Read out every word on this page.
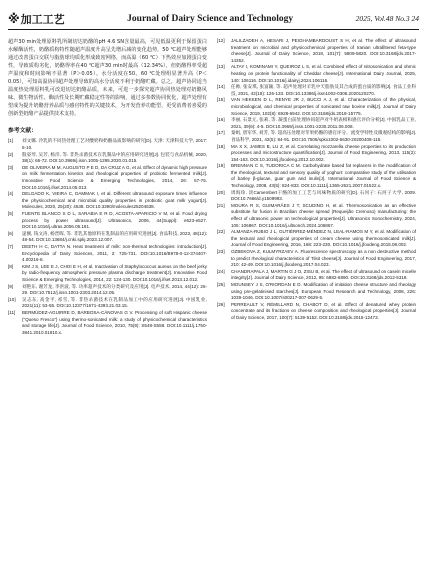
※ 加工工艺	Journal of Dairy Science and Technology	2025, Vol.48 No.3 24

超声30 min处理原料乳所制切达奶酪的pH 4.6 SN含量最高，可见低温更利于保留蛋白水解酶活性，奶酪质构特性随超声温度升高呈先增后减的变化趋势，50 ℃超声处理能够通过改善蛋白交联与脂肪球均质化形成致密网络，而高温（60 ℃）下热效应加剧蛋白变性，导致质构劣化，奶酪得率在40 ℃超声30 min时最高（12.34%），但奶酪得率受超声温度和时间影响不显著（P＞0.05）。水分活度在50、60 ℃处理组显著升高（P＜0.05），可知高温协同超声处理导致的高水分活度不利于奶酪贮藏。总之，超声协同适当温度热处理原料乳可改进切达奶酪品质，未来，可进一步探究超声协同热处理对奶酪风味、微生物活性、酶活性及长期贮藏稳定性等的影响，通过多参数协同优化，超声处理有望成为提升奶酪营养品质与感官特性的关键技术，为开发营养功能型、更受消费者喜爱的创新型奶酪产品提供技术支持。

参考文献：
[1]	刘文娜. 冷乳的不同热处理工艺对酸奶和奶酪品质影响的研究[D]. 天津: 天津科技大学, 2017: 5-10.
[2]	殷姿琴, 吴芳, 杨洋, 等. 非热杀菌技术在乳制品中的应用研究进展[J]. 包装与食品机械, 2020, 38(1): 66-72. DOI:10.3969/j.issn.1005-1295.2020.01.015.
[3]	DE OLIVEIRA M M, AUGUSTO P E D, DA CRUZ A G, et al. Effect of dynamic high pressure on milk fermentation kinetics and rheological properties of probiotic fermented milk[J]. Innovative Food Science & Emerging Technologies, 2014, 26: 67-75. DOI:10.1016/j.ifset.2014.05.013.
[4]	DELGADO K, VIEIRA C, DAMMAK I, et al. Different ultrasound exposure times influence the physicochemical and microbial quality properties in probiotic goat milk yogurt[J]. Molecules, 2020, 25(20): 4638. DOI:10.3390/molecules25204638.
[5]	FUENTE BLANCO S D L, SARABIA E R D, ACOSTA-APARICIO V M, et al. Food drying process by power ultrasound[J]. Ultrasonics, 2006, 44(Suppl): e523-e527. DOI:10.1016/j.ultras.2006.05.181.
[6]	逯刚, 钱文涛, 杨晋晖, 等. 非乳其他原料在乳制品的应用研究进展[J]. 食品科技, 2023, 48(12): 48-54. DOI:10.13684/j.cnki.spkj.2023.12.007.
[7]	DEETH H C, DATTA N. Heat treatment of milk: non-thermal technologies: introduction[J]. Encyclopedia of Dairy Sciences, 2011, 2: 725-731. DOI:10.1016/B978-0-12-374407-4.00216-8.
[8]	KIM J S, LEE E J, CHOI E H, et al. Inactivation of Staphylococcus aureus on the beef jerky by radio-frequency atmospheric pressure plasma discharge treatment[J]. Innovative Food Science & Emerging Technologies, 2014, 22: 124-130. DOI:10.1016/j.ifset.2013.12.012.
[9]	刘艳东, 谢芳龙, 李洪波, 等. 功率超声技术的分类研究及应用[J]. 电声技术, 2014, 44(12): 25-29. DOI:10.7512/j.issn.1001-2303.2014.12.05.
[10]	吴志东, 高金平, 祁雪, 等. 非热杀菌技术在乳制品加工中的应用研究进展[J]. 中国乳业, 2021(11): 53-55. DOI:10.12377/1671-4393.21.03.15.
[11]	BERMÚDEZ-AGUIRRE D, BARBOSA-CÁNOVAS G V. Processing of soft Hispanic cheese ("Queso Fresco") using thermo-sonicated milk: a study of physicochemical characteristics and storage life[J]. Journal of Food Science, 2010, 75(9): S548-S558. DOI:10.1111/j.1750-3841.2010.01810.x.
[12]	JALILZADEH A, HESARI J, PEIGHAMBARDOUST S H, et al. The effect of ultrasound treatment on microbial and physicochemical properties of Iranian ultrafiltered feta-type cheese[J]. Journal of Dairy Science, 2018, 101(7): 5809-5820. DOI:10.3168/jds.2017-14352.
[13]	ALTAY I, KOMINAMI Y, QUEIROZ L S, et al. Combined effect of nitrosonication and ohmic heating on protein functionality of Cheddar cheese[J]. International Dairy Journal, 2025, 140: 106116. DOI:10.1016/j.idairyj.2024.106116.
[14]	任帅, 张安琪, 张富颖, 等. 超声处理对羊乳中天脂肪及其合成的蛋白质的影响[J]. 食品工业科技, 2021, 42(18): 126-133. DOI:10.13386/j.issn1002-0306.2020120270.
[15]	VAN HEKKEN D L, RENYE JR J, BUCCI A J, et al. Characterization of the physical, microbiological, and chemical properties of sonicated raw bovine milk[J]. Journal of Dairy Science, 2019, 102(8): 6928-6942. DOI:10.3168/jds.2018-15775.
[16]	李丽, 石景元, 张莉, 等. 凝蛋白前处理协同超声对牛奶表相和感官评价分析[J]. 中国乳品工业, 2021, 39(6): 4-5. DOI:10.3969/j.issn.1001-2230.2011.06.008.
[17]	秦娟, 唐军华, 刘芳, 等. 超高压处理对苹果奶酪的感官评分、流变学特性及微观结构的影响[J]. 食品科学, 2021, 42(5): 84-91. DOI:10.7506/spkx1002-6630-20200408-115.
[18]	MA X X, JAMES B, LU Z, et al. Correlating mozzarella cheese properties to its production processes and microstructure quantification[J]. Journal of Food Engineering, 2013, 115(2): 154-163. DOI:10.1016/j.jfoodeng.2012.10.002.
[19]	BRENNAN C S, TUDORICA C M. Carbohydrate based fat replacers in the modification of the rheological, textural and sensory quality of yoghurt: comparative study of the utilisation of barley β-glucan, guar gum and inulin[J]. International Journal of Food Science & Technology, 2008, 43(5): 824-833. DOI:10.1111/j.1365-2621.2007.01522.x.
[20]	周海珍. 淡Camembert干酪的加工工艺与风味物质的研究[D]. 石河子: 石河子大学, 2009. DOI:10.7666/d.y1509993.
[21]	MOURA R S, GUIMARÃES J T, SCUDINO H, et al. Thermosonication as an effective substitute for fusion in Brazilian cheese spread (Requeijão Cremoso) manufacturing: the effect of ultrasonic power on technological properties[J]. Ultrasonics Sonochemistry, 2024, 105: 106867. DOI:10.1016/j.ultsonch.2024.106867.
[22]	ALMANZA-RUBIO J L, GUTIÉRREZ-MÉNDEZ N, LEAL-RAMOS M Y, et al. Modification of the textural and rheological properties of cream cheese using thermosonicated milk[J]. Journal of Food Engineering, 2016, 168: 223-230. DOI:10.1016/j.jfoodeng.2015.08.002.
[23]	OZBEKOVA Z, KULMYRZAEV A. Fluorescence spectroscopy as a non destructive method to predict rheological characteristics of Tilsit cheese[J]. Journal of Food Engineering, 2017, 210: 42-49. DOI:10.1016/j.jfoodeng.2017.04.023.
[24]	CHANDRAPALA J, MARTIN G J O, ZISU B, et al. The effect of ultrasound on casein micelle integrity[J]. Journal of Dairy Science, 2012, 95: 6882-6890. DOI:10.3168/jds.2012-5318.
[25]	MOUNSEY J S, O'RIORDAN E D. Modification of imitation cheese structure and rheology using pre-gelatinised starches[J]. European Food Research and Technology, 2008, 226: 1039-1046. DOI:10.1007/s00217-007-0629-5.
[26]	PERREAULT V, RÉMILLARD N, CHABOT D, et al. Effect of denatured whey protein concentrate and its fractions on cheese composition and rheological properties[J]. Journal of Dairy Science, 2017, 100(7): 5139-5152. DOI:10.3168/jds.2016-12473.
